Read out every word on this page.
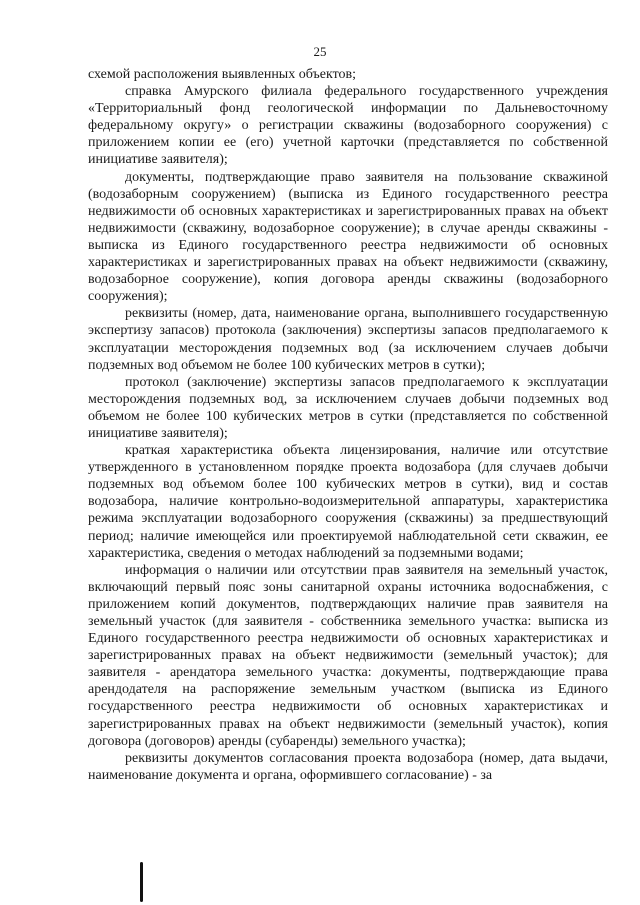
25

схемой расположения выявленных объектов;

справка Амурского филиала федерального государственного учреждения «Территориальный фонд геологической информации по Дальневосточному федеральному округу» о регистрации скважины (водозаборного сооружения) с приложением копии ее (его) учетной карточки (представляется по собственной инициативе заявителя);

документы, подтверждающие право заявителя на пользование скважиной (водозаборным сооружением) (выписка из Единого государственного реестра недвижимости об основных характеристиках и зарегистрированных правах на объект недвижимости (скважину, водозаборное сооружение); в случае аренды скважины - выписка из Единого государственного реестра недвижимости об основных характеристиках и зарегистрированных правах на объект недвижимости (скважину, водозаборное сооружение), копия договора аренды скважины (водозаборного сооружения);

реквизиты (номер, дата, наименование органа, выполнившего государственную экспертизу запасов) протокола (заключения) экспертизы запасов предполагаемого к эксплуатации месторождения подземных вод (за исключением случаев добычи подземных вод объемом не более 100 кубических метров в сутки);

протокол (заключение) экспертизы запасов предполагаемого к эксплуатации месторождения подземных вод, за исключением случаев добычи подземных вод объемом не более 100 кубических метров в сутки (представляется по собственной инициативе заявителя);

краткая характеристика объекта лицензирования, наличие или отсутствие утвержденного в установленном порядке проекта водозабора (для случаев добычи подземных вод объемом более 100 кубических метров в сутки), вид и состав водозабора, наличие контрольно-водоизмерительной аппаратуры, характеристика режима эксплуатации водозаборного сооружения (скважины) за предшествующий период; наличие имеющейся или проектируемой наблюдательной сети скважин, ее характеристика, сведения о методах наблюдений за подземными водами;

информация о наличии или отсутствии прав заявителя на земельный участок, включающий первый пояс зоны санитарной охраны источника водоснабжения, с приложением копий документов, подтверждающих наличие прав заявителя на земельный участок (для заявителя - собственника земельного участка: выписка из Единого государственного реестра недвижимости об основных характеристиках и зарегистрированных правах на объект недвижимости (земельный участок); для заявителя - арендатора земельного участка: документы, подтверждающие права арендодателя на распоряжение земельным участком (выписка из Единого государственного реестра недвижимости об основных характеристиках и зарегистрированных правах на объект недвижимости (земельный участок), копия договора (договоров) аренды (субаренды) земельного участка);

реквизиты документов согласования проекта водозабора (номер, дата выдачи, наименование документа и органа, оформившего согласование) - за
